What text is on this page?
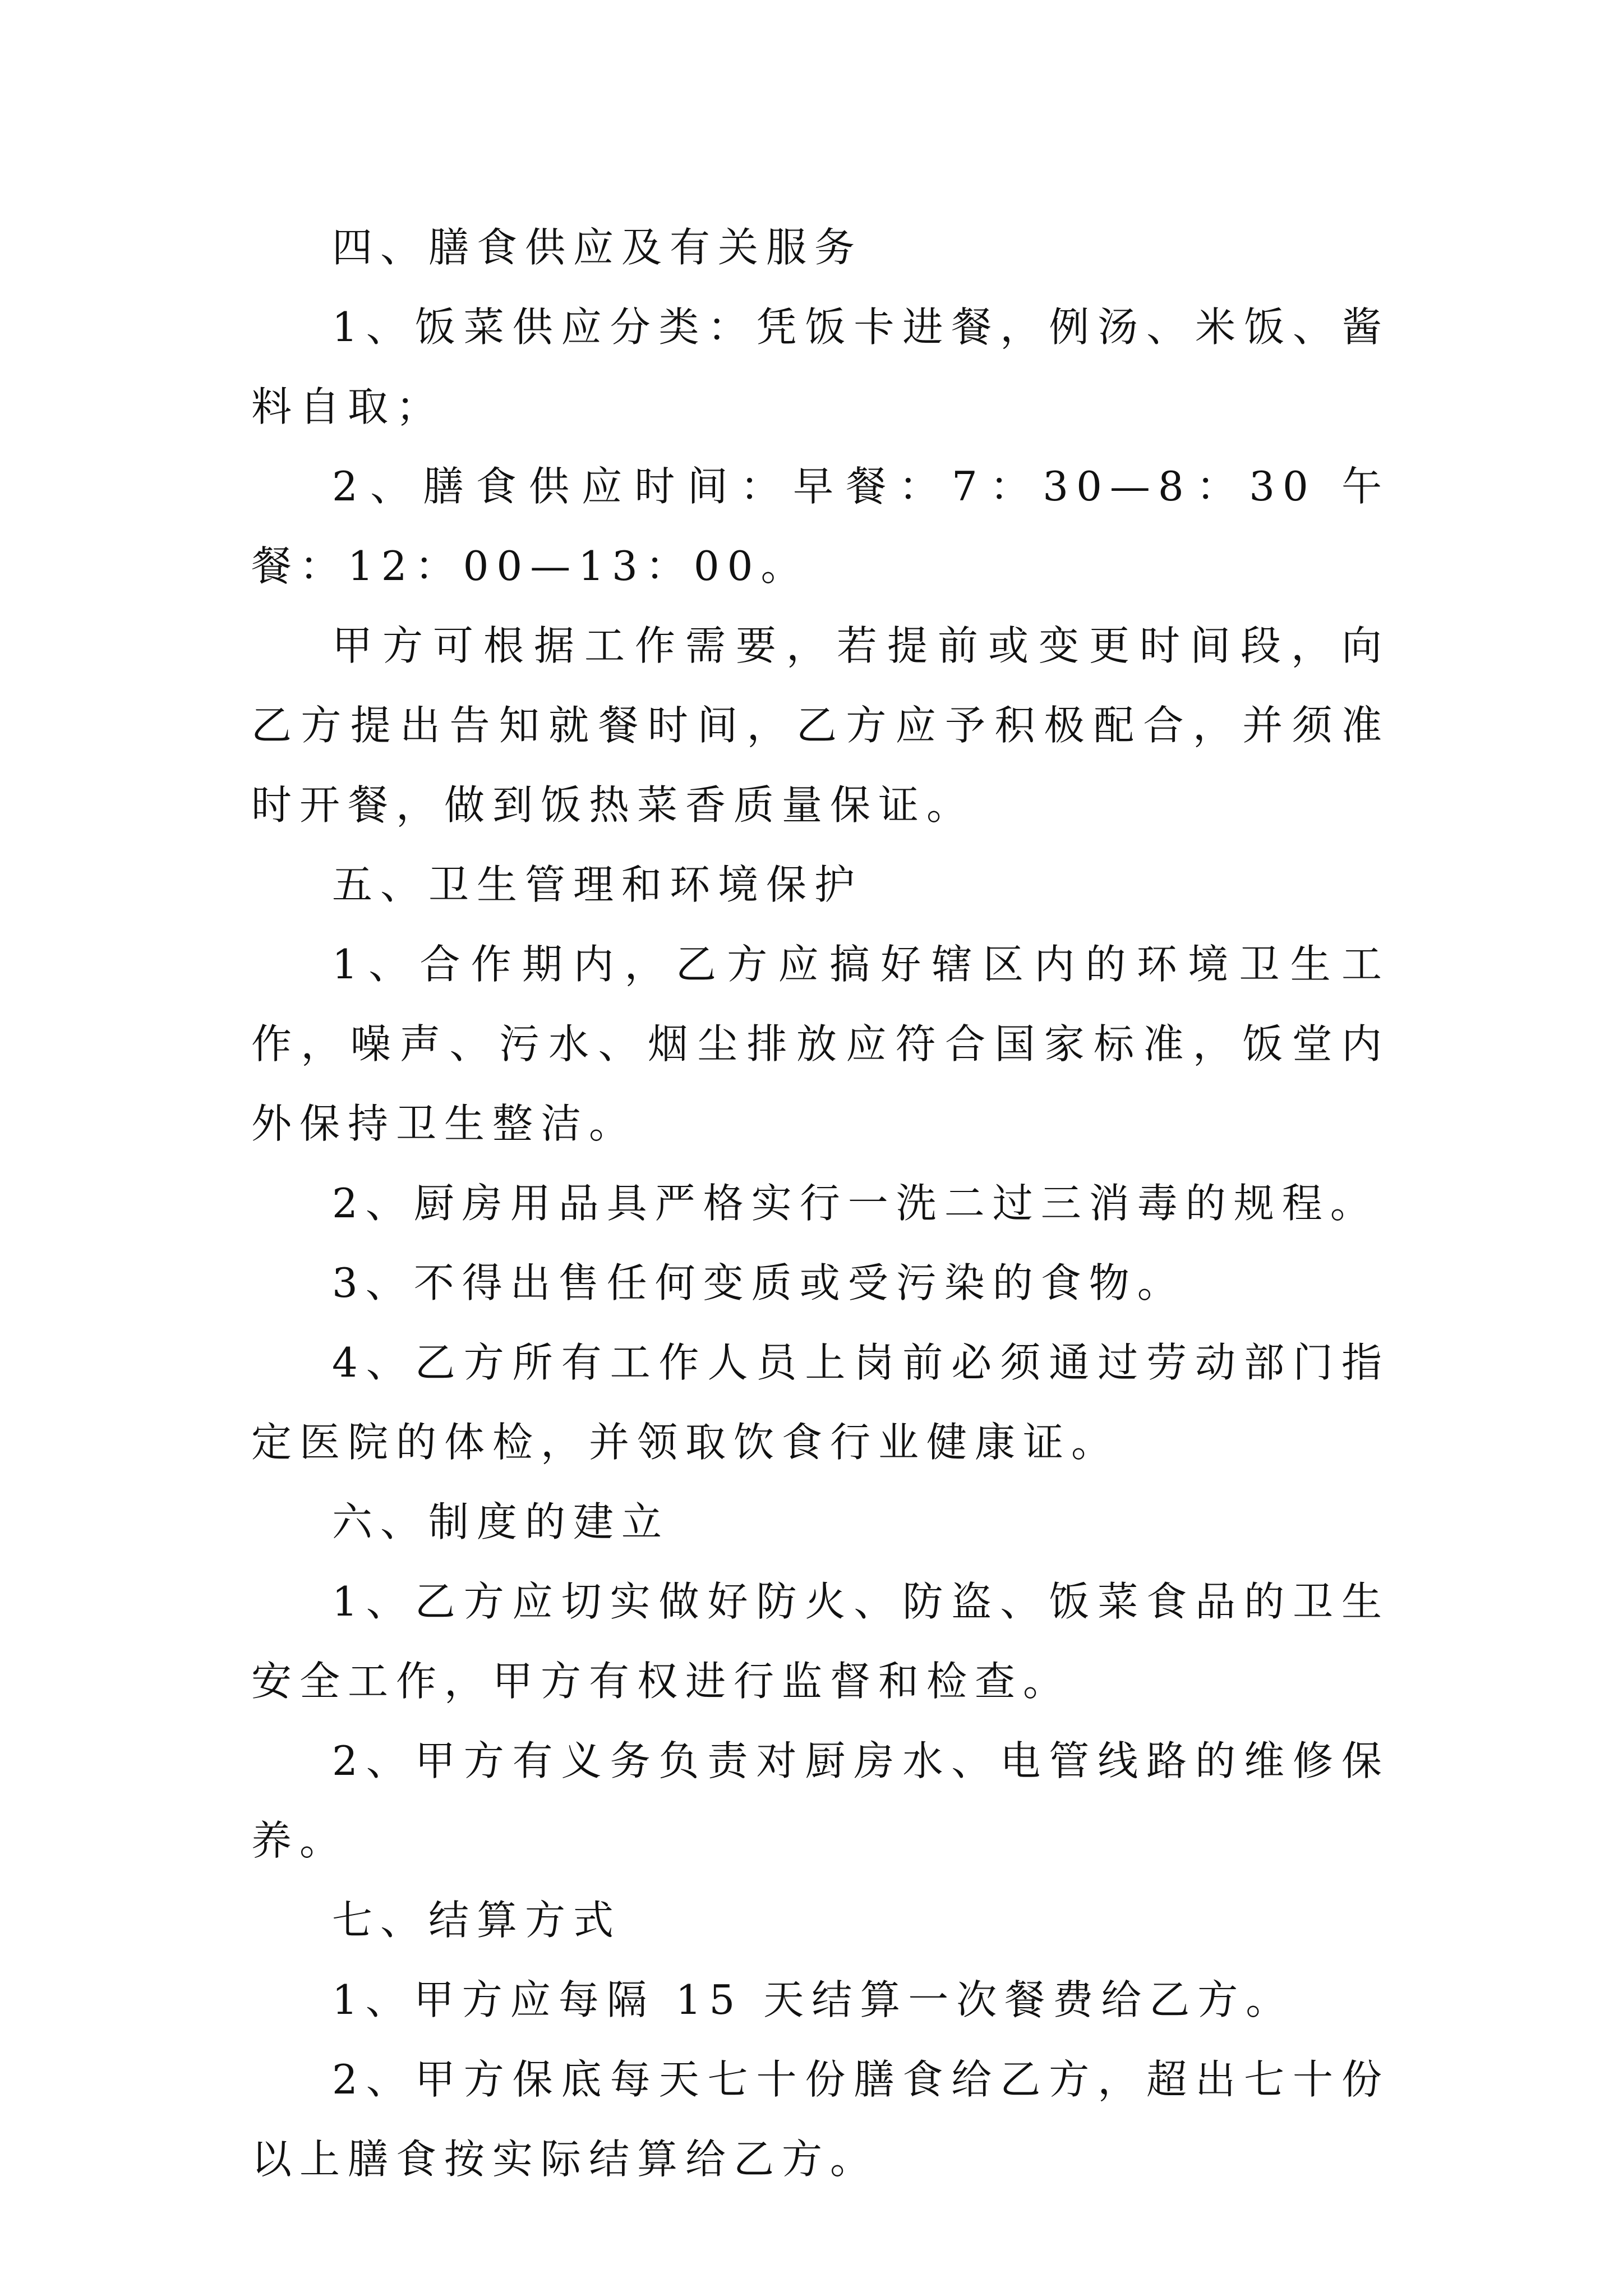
四、膳食供应及有关服务

1、饭菜供应分类：凭饭卡进餐，例汤、米饭、酱料自取；

2、膳食供应时间：早餐：7：30—8：30 午餐：12：00—13：00。

甲方可根据工作需要，若提前或变更时间段，向乙方提出告知就餐时间，乙方应予积极配合，并须准时开餐，做到饭热菜香质量保证。

五、卫生管理和环境保护

1、合作期内，乙方应搞好辖区内的环境卫生工作，噪声、污水、烟尘排放应符合国家标准，饭堂内外保持卫生整洁。

2、厨房用品具严格实行一洗二过三消毒的规程。

3、不得出售任何变质或受污染的食物。

4、乙方所有工作人员上岗前必须通过劳动部门指定医院的体检，并领取饮食行业健康证。

六、制度的建立

1、乙方应切实做好防火、防盗、饭菜食品的卫生安全工作，甲方有权进行监督和检查。

2、甲方有义务负责对厨房水、电管线路的维修保养。

七、结算方式

1、甲方应每隔 15 天结算一次餐费给乙方。

2、甲方保底每天七十份膳食给乙方，超出七十份以上膳食按实际结算给乙方。
